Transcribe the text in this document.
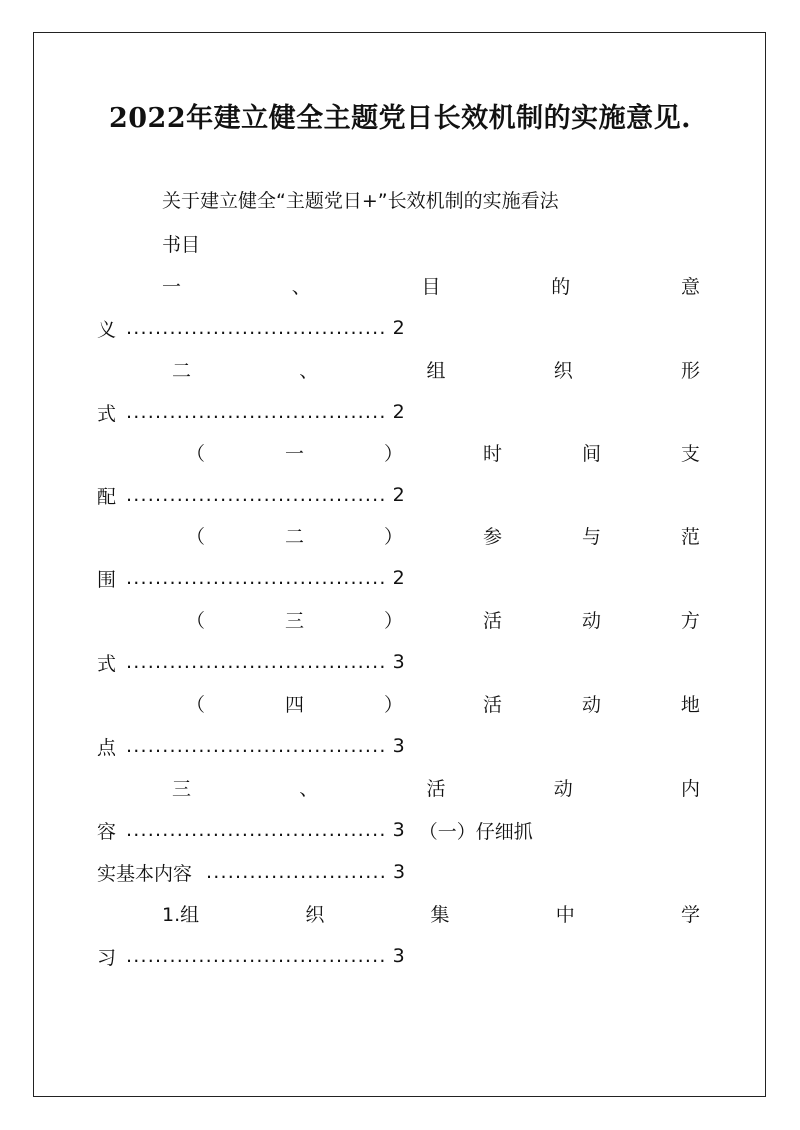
2022年建立健全主题党日长效机制的实施意见.
关于建立健全“主题党日+”长效机制的实施看法
书目
一	、	目	的	意
义 .................................... 2
二	、	组	织	形
式 .................................... 2
（	一	）	时	间	支
配 .................................... 2
（	二	）	参	与	范
围 .................................... 2
（	三	）	活	动	方
式 .................................... 3
（	四	）	活	动	地
点 .................................... 3
三	、	活	动	内
容 .................................... 3 （一）仔细抓
实基本内容 ......................... 3
1.组	织	集	中	学
习 .................................... 3
